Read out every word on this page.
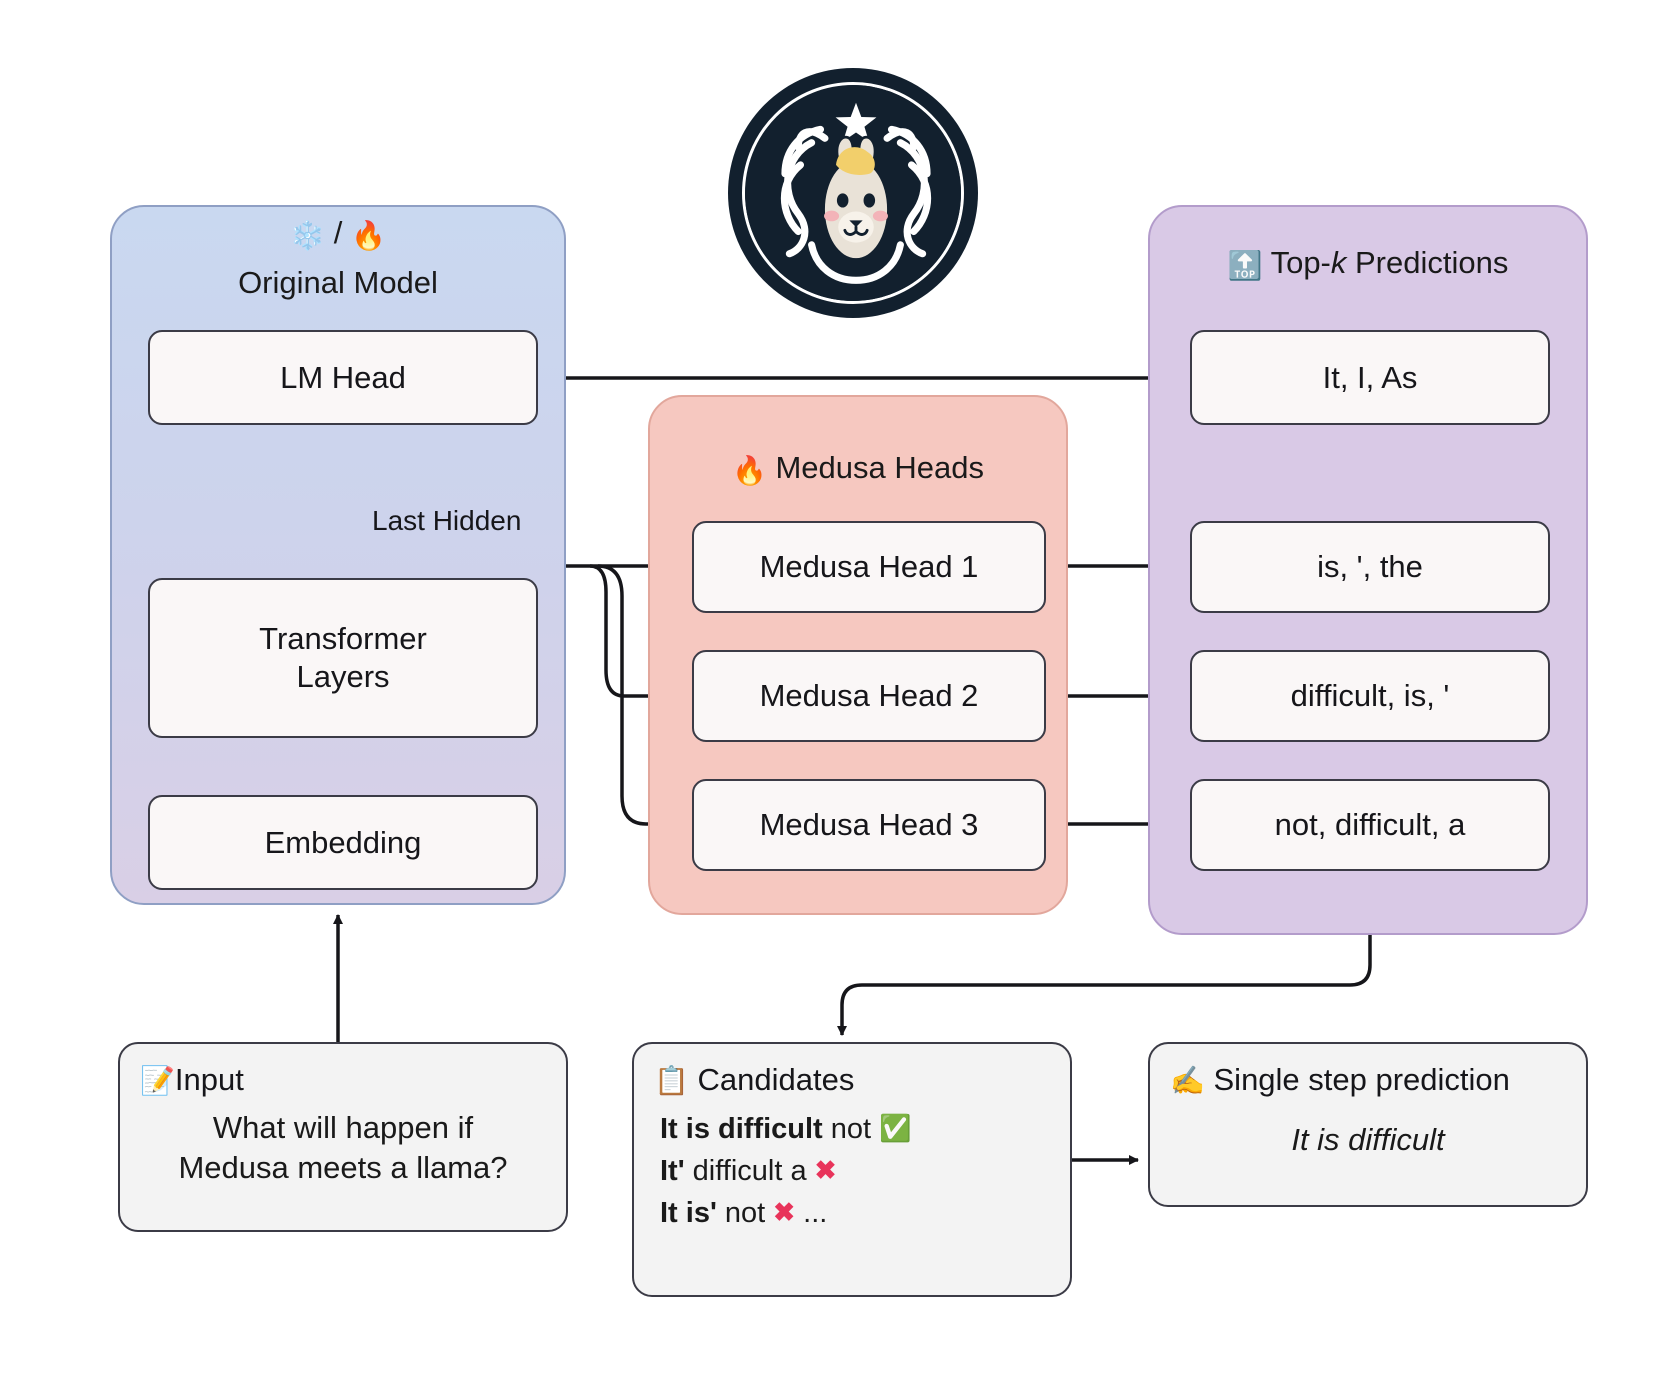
❄️ / 🔥
Original Model
LM Head
Transformer
Layers
Embedding
Last Hidden
🔥 Medusa Heads
Medusa Head 1
Medusa Head 2
Medusa Head 3
🔝 Top-k Predictions
It, I, As
is, ', the
difficult, is, '
not, difficult, a
📝Input
What will happen if
Medusa meets a llama?
📋 Candidates
It is difficult not ✅
It' difficult a ✖
It is' not ✖ ...
✍️ Single step prediction
It is difficult
